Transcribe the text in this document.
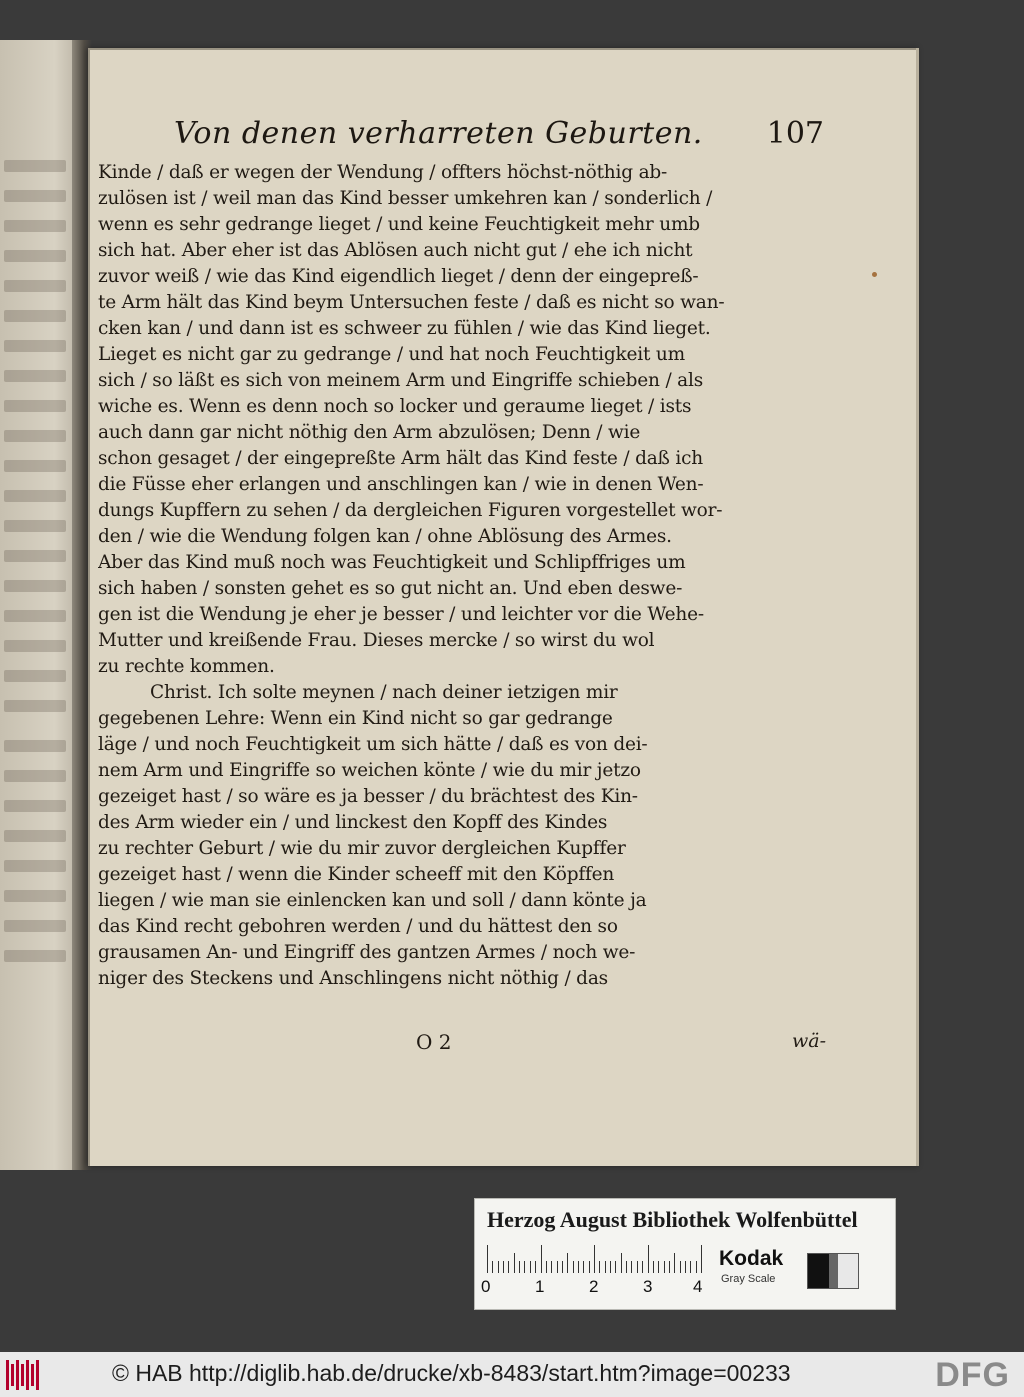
Von denen verharreten Geburten. 107
Kinde / daß er wegen der Wendung / offters höchst-nöthig ab-
zulösen ist / weil man das Kind besser umkehren kan / sonderlich /
wenn es sehr gedrange lieget / und keine Feuchtigkeit mehr umb
sich hat. Aber eher ist das Ablösen auch nicht gut / ehe ich nicht
zuvor weiß / wie das Kind eigendlich lieget / denn der eingepreß-
te Arm hält das Kind beym Untersuchen feste / daß es nicht so wan-
cken kan / und dann ist es schweer zu fühlen / wie das Kind lieget.
Lieget es nicht gar zu gedrange / und hat noch Feuchtigkeit um
sich / so läßt es sich von meinem Arm und Eingriffe schieben / als
wiche es. Wenn es denn noch so locker und geraume lieget / ists
auch dann gar nicht nöthig den Arm abzulösen; Denn / wie
schon gesaget / der eingepreßte Arm hält das Kind feste / daß ich
die Füsse eher erlangen und anschlingen kan / wie in denen Wen-
dungs Kupffern zu sehen / da dergleichen Figuren vorgestellet wor-
den / wie die Wendung folgen kan / ohne Ablösung des Armes.
Aber das Kind muß noch was Feuchtigkeit und Schlipffriges um
sich haben / sonsten gehet es so gut nicht an. Und eben deswe-
gen ist die Wendung je eher je besser / und leichter vor die Wehe-
Mutter und kreißende Frau. Dieses mercke / so wirst du wol
zu rechte kommen.
Christ. Ich solte meynen / nach deiner ietzigen mir
gegebenen Lehre: Wenn ein Kind nicht so gar gedrange
läge / und noch Feuchtigkeit um sich hätte / daß es von dei-
nem Arm und Eingriffe so weichen könte / wie du mir jetzo
gezeiget hast / so wäre es ja besser / du brächtest des Kin-
des Arm wieder ein / und linckest den Kopff des Kindes
zu rechter Geburt / wie du mir zuvor dergleichen Kupffer
gezeiget hast / wenn die Kinder scheeff mit den Köpffen
liegen / wie man sie einlencken kan und soll / dann könte ja
das Kind recht gebohren werden / und du hättest den so
grausamen An- und Eingriff des gantzen Armes / noch we-
niger des Steckens und Anschlingens nicht nöthig / das
O 2	wä-
Herzog August Bibliothek Wolfenbüttel
0	1	2	3 4
Kodak
Gray Scale
© HAB http://diglib.hab.de/drucke/xb-8483/start.htm?image=00233	DFG
